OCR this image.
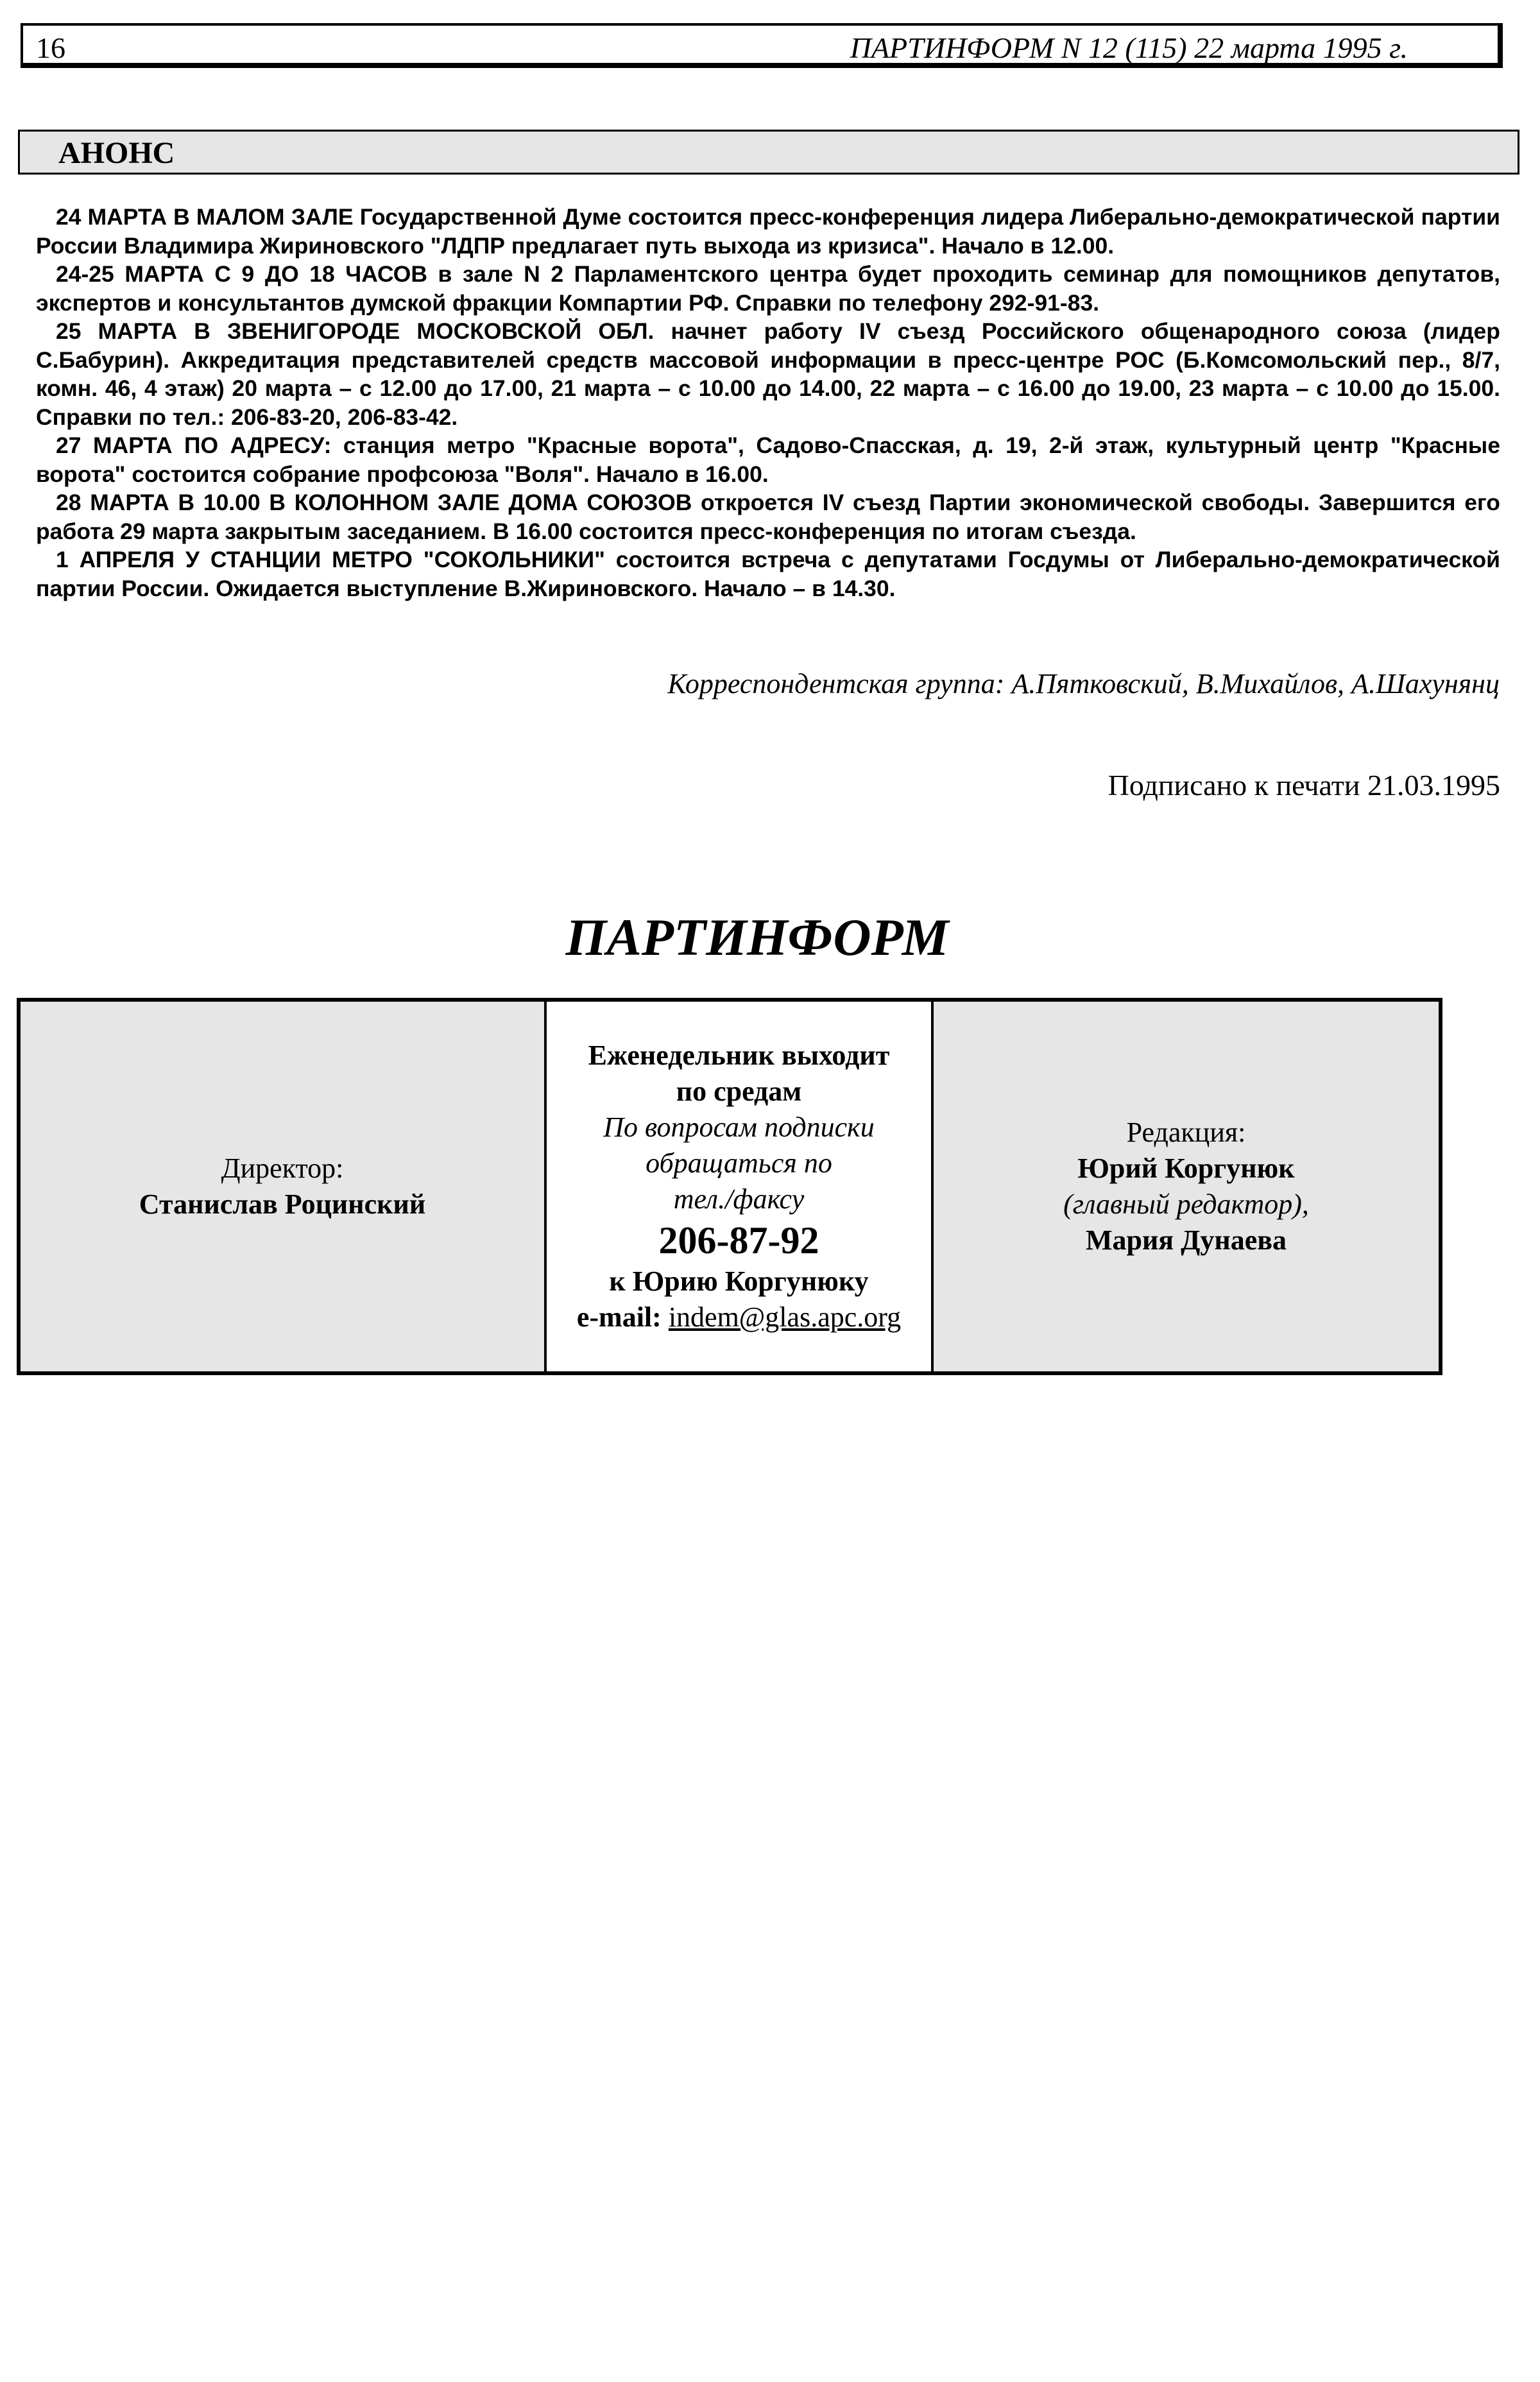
16	ПАРТИНФОРМ N 12 (115) 22 марта 1995 г.
АНОНС

24 МАРТА В МАЛОМ ЗАЛЕ Государственной Думе состоится пресс-конференция лидера Либерально-демократической партии России Владимира Жириновского "ЛДПР предлагает путь выхода из кризиса". Начало в 12.00.

24-25 МАРТА С 9 ДО 18 ЧАСОВ в зале N 2 Парламентского центра будет проходить семинар для помощников депутатов, экспертов и консультантов думской фракции Компартии РФ. Справки по телефону 292-91-83.

25 МАРТА В ЗВЕНИГОРОДЕ МОСКОВСКОЙ ОБЛ. начнет работу IV съезд Российского общенародного союза (лидер С.Бабурин). Аккредитация представителей средств массовой информации в пресс-центре РОС (Б.Комсомольский пер., 8/7, комн. 46, 4 этаж) 20 марта – с 12.00 до 17.00, 21 марта – с 10.00 до 14.00, 22 марта – с 16.00 до 19.00, 23 марта – с 10.00 до 15.00. Справки по тел.: 206-83-20, 206-83-42.

27 МАРТА ПО АДРЕСУ: станция метро "Красные ворота", Садово-Спасская, д. 19, 2-й этаж, культурный центр "Красные ворота" состоится собрание профсоюза "Воля". Начало в 16.00.

28 МАРТА В 10.00 В КОЛОННОМ ЗАЛЕ ДОМА СОЮЗОВ откроется IV съезд Партии экономической свободы. Завершится его работа 29 марта закрытым заседанием. В 16.00 состоится пресс-конференция по итогам съезда.

1 АПРЕЛЯ У СТАНЦИИ МЕТРО "СОКОЛЬНИКИ" состоится встреча с депутатами Госдумы от Либерально-демократической партии России. Ожидается выступление В.Жириновского. Начало – в 14.30.

Корреспондентская группа: А.Пятковский, В.Михайлов, А.Шахунянц
Подписано к печати 21.03.1995
ПАРТИНФОРМ
Директор:
Станислав Роцинский
Еженедельник выходит
по средам
По вопросам подписки
обращаться по
тел./факсу
206-87-92
к Юрию Коргунюку
e-mail: indem@glas.apc.org
Редакция:
Юрий Коргунюк
(главный редактор),
Мария Дунаева
